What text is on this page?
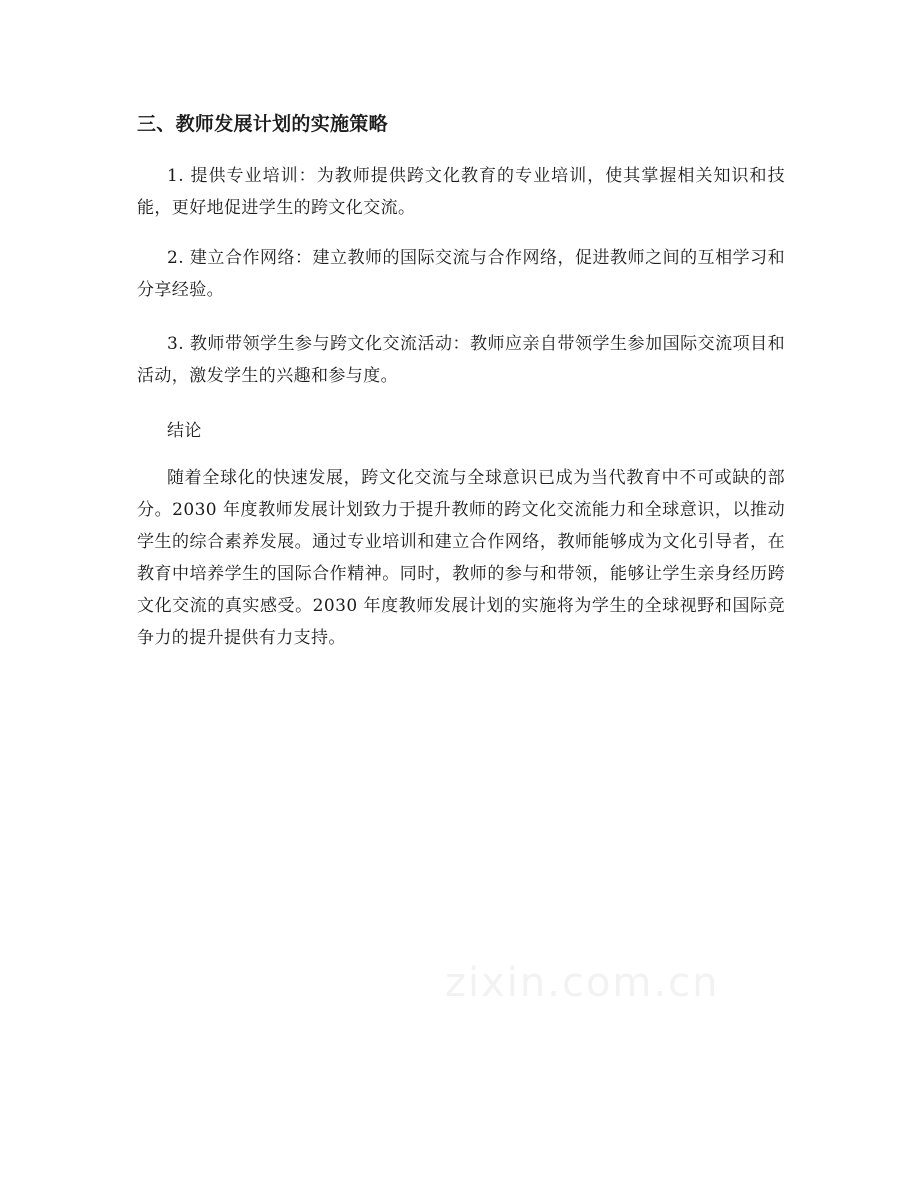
三、教师发展计划的实施策略

1. 提供专业培训：为教师提供跨文化教育的专业培训，使其掌握相关知识和技能，更好地促进学生的跨文化交流。

2. 建立合作网络：建立教师的国际交流与合作网络，促进教师之间的互相学习和分享经验。

3. 教师带领学生参与跨文化交流活动：教师应亲自带领学生参加国际交流项目和活动，激发学生的兴趣和参与度。

结论

随着全球化的快速发展，跨文化交流与全球意识已成为当代教育中不可或缺的部分。2030 年度教师发展计划致力于提升教师的跨文化交流能力和全球意识，以推动学生的综合素养发展。通过专业培训和建立合作网络，教师能够成为文化引导者，在教育中培养学生的国际合作精神。同时，教师的参与和带领，能够让学生亲身经历跨文化交流的真实感受。2030 年度教师发展计划的实施将为学生的全球视野和国际竞争力的提升提供有力支持。

zixin.com.cn
